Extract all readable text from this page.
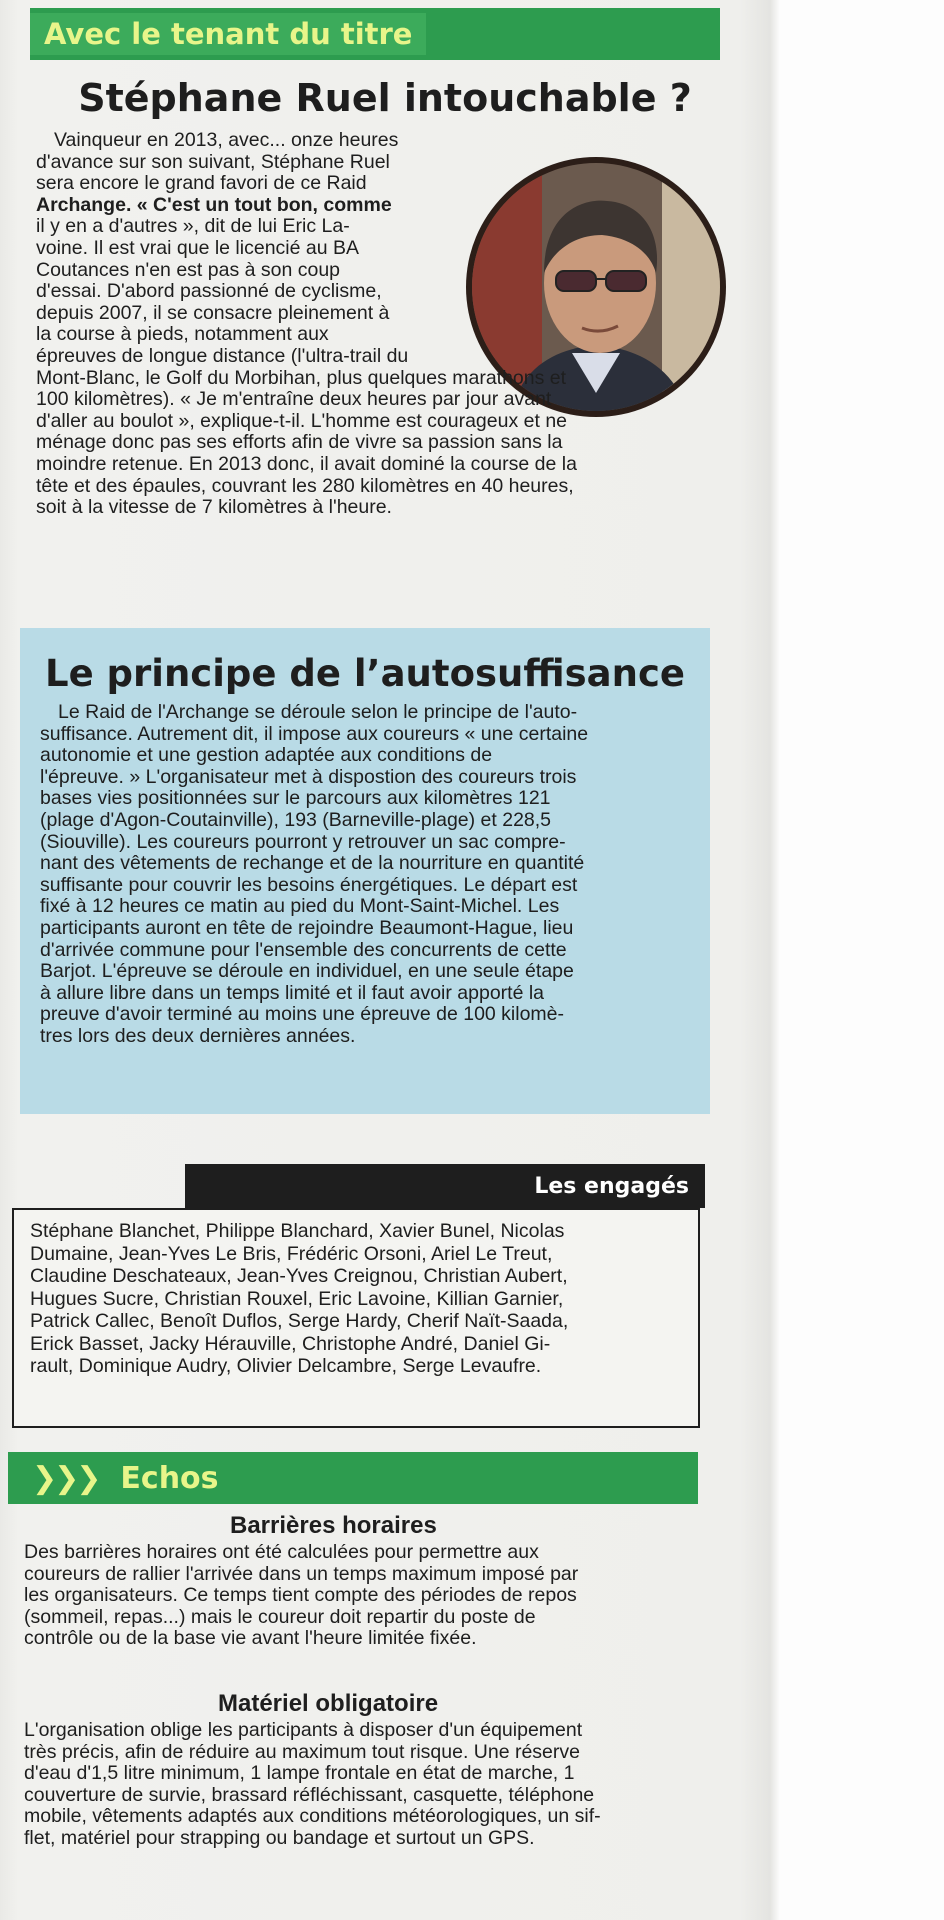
Avec le tenant du titre
Stéphane Ruel intouchable ?
Vainqueur en 2013, avec... onze heures
d'avance sur son suivant, Stéphane Ruel
sera encore le grand favori de ce Raid
Archange. « C'est un tout bon, comme
il y en a d'autres », dit de lui Eric La-
voine. Il est vrai que le licencié au BA
Coutances n'en est pas à son coup
d'essai. D'abord passionné de cyclisme,
depuis 2007, il se consacre pleinement à
la course à pieds, notamment aux
épreuves de longue distance (l'ultra-trail du
Mont-Blanc, le Golf du Morbihan, plus quelques marathons et
100 kilomètres). « Je m'entraîne deux heures par jour avant
d'aller au boulot », explique-t-il. L'homme est courageux et ne
ménage donc pas ses efforts afin de vivre sa passion sans la
moindre retenue. En 2013 donc, il avait dominé la course de la
tête et des épaules, couvrant les 280 kilomètres en 40 heures,
soit à la vitesse de 7 kilomètres à l'heure.
Le principe de l’autosuffisance
Le Raid de l'Archange se déroule selon le principe de l'auto-
suffisance. Autrement dit, il impose aux coureurs « une certaine
autonomie et une gestion adaptée aux conditions de
l'épreuve. » L'organisateur met à dispostion des coureurs trois
bases vies positionnées sur le parcours aux kilomètres 121
(plage d'Agon-Coutainville), 193 (Barneville-plage) et 228,5
(Siouville). Les coureurs pourront y retrouver un sac compre-
nant des vêtements de rechange et de la nourriture en quantité
suffisante pour couvrir les besoins énergétiques. Le départ est
fixé à 12 heures ce matin au pied du Mont-Saint-Michel. Les
participants auront en tête de rejoindre Beaumont-Hague, lieu
d'arrivée commune pour l'ensemble des concurrents de cette
Barjot. L'épreuve se déroule en individuel, en une seule étape
à allure libre dans un temps limité et il faut avoir apporté la
preuve d'avoir terminé au moins une épreuve de 100 kilomè-
tres lors des deux dernières années.
Les engagés
Stéphane Blanchet, Philippe Blanchard, Xavier Bunel, Nicolas
Dumaine, Jean-Yves Le Bris, Frédéric Orsoni, Ariel Le Treut,
Claudine Deschateaux, Jean-Yves Creignou, Christian Aubert,
Hugues Sucre, Christian Rouxel, Eric Lavoine, Killian Garnier,
Patrick Callec, Benoît Duflos, Serge Hardy, Cherif Naït-Saada,
Erick Basset, Jacky Hérauville, Christophe André, Daniel Gi-
rault, Dominique Audry, Olivier Delcambre, Serge Levaufre.
❯❯❯ Echos
Barrières horaires
Des barrières horaires ont été calculées pour permettre aux
coureurs de rallier l'arrivée dans un temps maximum imposé par
les organisateurs. Ce temps tient compte des périodes de repos
(sommeil, repas...) mais le coureur doit repartir du poste de
contrôle ou de la base vie avant l'heure limitée fixée.
Matériel obligatoire
L'organisation oblige les participants à disposer d'un équipement
très précis, afin de réduire au maximum tout risque. Une réserve
d'eau d'1,5 litre minimum, 1 lampe frontale en état de marche, 1
couverture de survie, brassard réfléchissant, casquette, téléphone
mobile, vêtements adaptés aux conditions météorologiques, un sif-
flet, matériel pour strapping ou bandage et surtout un GPS.
